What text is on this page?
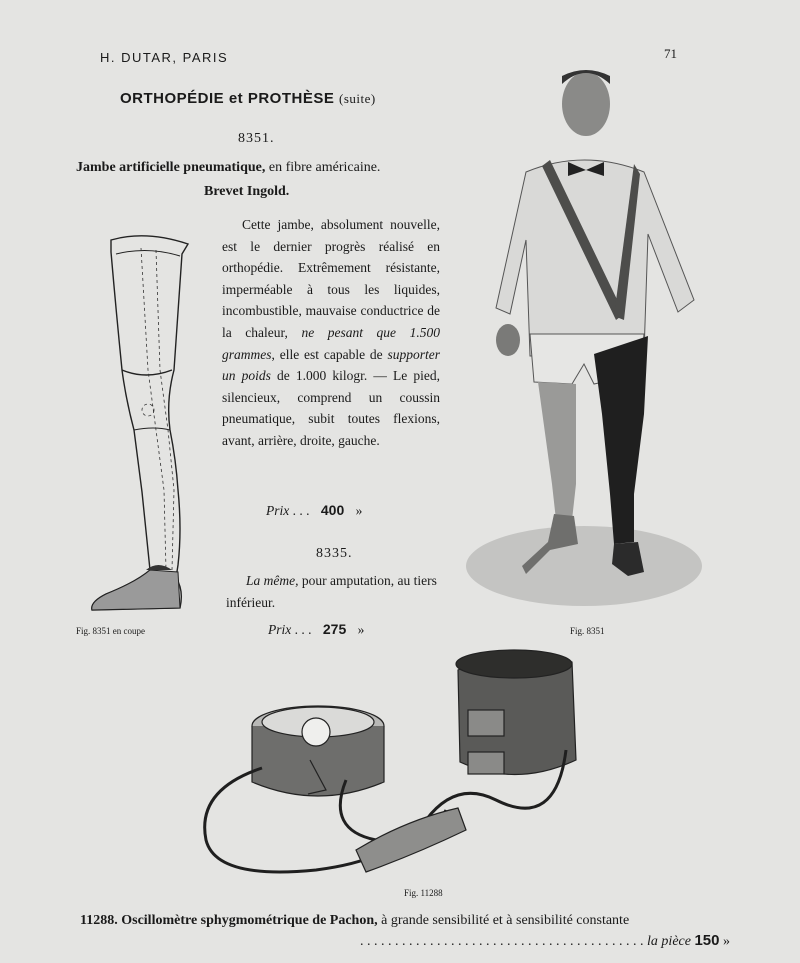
H. DUTAR, PARIS	71
ORTHOPÉDIE et PROTHÈSE (suite)
8351.
Jambe artificielle pneumatique, en fibre américaine.
Brevet Ingold.

Cette jambe, absolument nouvelle, est le dernier progrès réalisé en orthopédie. Extrêmement résistante, imperméable à tous les liquides, incombustible, mauvaise conductrice de la chaleur, ne pesant que 1.500 grammes, elle est capable de supporter un poids de 1.000 kilogr. — Le pied, silencieux, comprend un coussin pneumatique, subit toutes flexions, avant, arrière, droite, gauche.

Prix . . . 400 »
8335.

La même, pour amputation, au tiers inférieur.

Prix . . . 275 »
Fig. 8351 en coupe	Fig. 8351
Fig. 11288
11288. Oscillomètre sphygmométrique de Pachon, à grande sensibilité et à sensibilité constante
. . . . . . . . . . . . . . . . . . . . . . . . . . . . . . . . . . . . . . . . . la pièce 150 »
